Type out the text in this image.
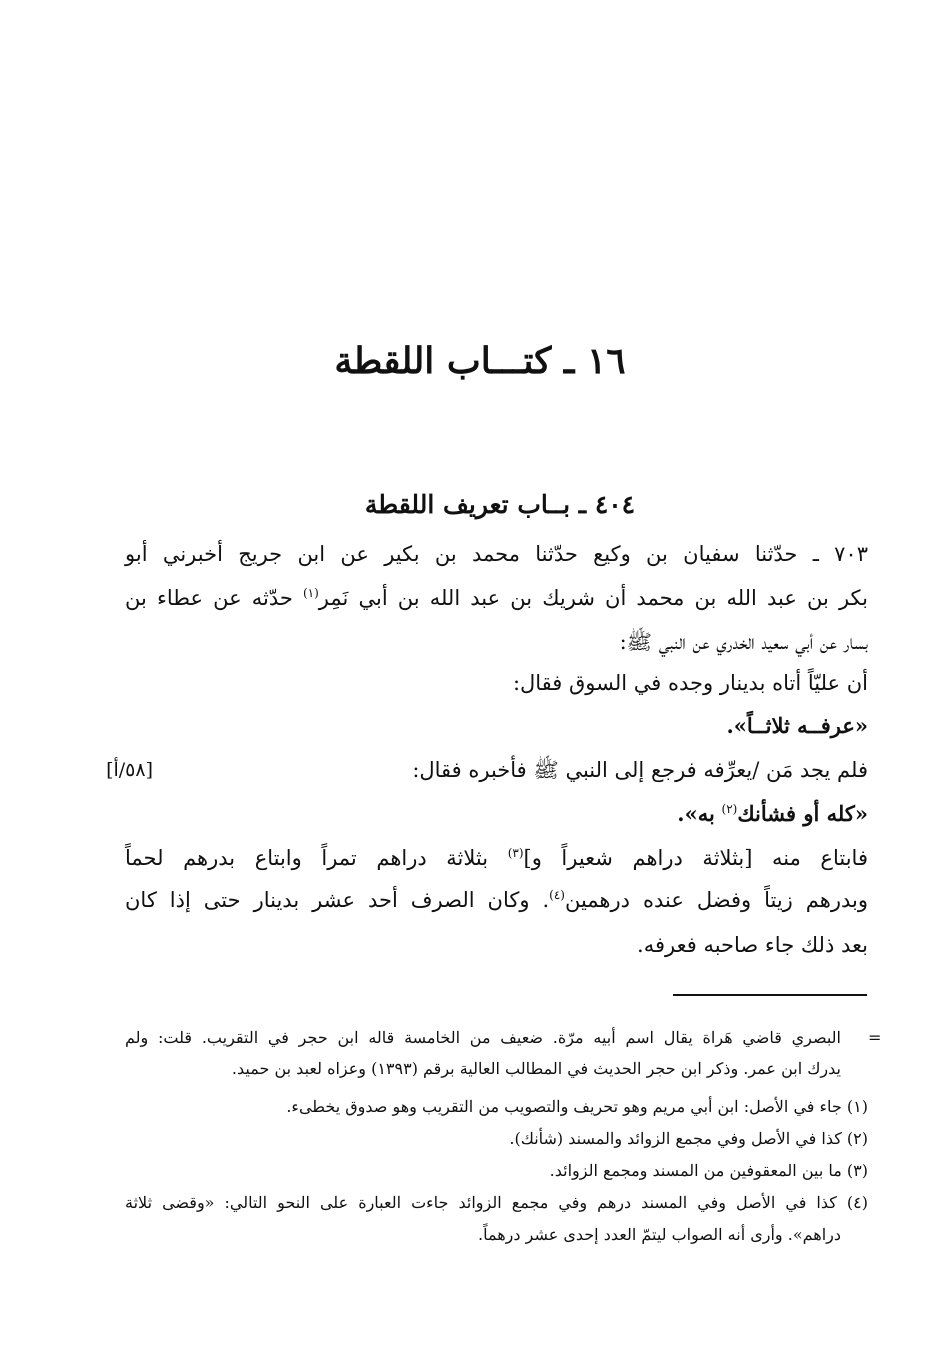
١٦ ـ كتـــاب اللقطة
٤٠٤ ـ بــاب تعريف اللقطة
٧٠٣ ـ حدّثنا سفيان بن وكيع حدّثنا محمد بن بكير عن ابن جريج أخبرني أبو
بكر بن عبد الله بن محمد أن شريك بن عبد الله بن أبي نَمِر$^{(١)}$ حدّثه عن عطاء بن
بسار عن أبي سعيد الخدري عن النبي ﷺ:
أن عليّاً أتاه بدينار وجده في السوق فقال:
«عرفــه ثلاثــاً».
فلم يجد مَن /يعرِّفه فرجع إلى النبي ﷺ فأخبره فقال:
[٥٨/أ]
«كله أو فشأنك$^{(٢)}$ به».
فابتاع منه [بثلاثة دراهم شعيراً و]$^{(٣)}$ بثلاثة دراهم تمراً وابتاع بدرهم لحماً
وبدرهم زيتاً وفضل عنده درهمين$^{(٤)}$. وكان الصرف أحد عشر بدينار حتى إذا كان
بعد ذلك جاء صاحبه فعرفه.
=
البصري قاضي هَراة يقال اسم أبيه مرّة. ضعيف من الخامسة قاله ابن حجر في التقريب. قلت: ولم
يدرك ابن عمر. وذكر ابن حجر الحديث في المطالب العالية برقم (١٣٩٣) وعزاه لعبد بن حميد.
(١) جاء في الأصل: ابن أبي مريم وهو تحريف والتصويب من التقريب وهو صدوق يخطىء.
(٢) كذا في الأصل وفي مجمع الزوائد والمسند (شأنك).
(٣) ما بين المعقوفين من المسند ومجمع الزوائد.
(٤) كذا في الأصل وفي المسند درهم وفي مجمع الزوائد جاءت العبارة على النحو التالي: «وقضى ثلاثة
دراهم». وأرى أنه الصواب ليتمّ العدد إحدى عشر درهماً.
